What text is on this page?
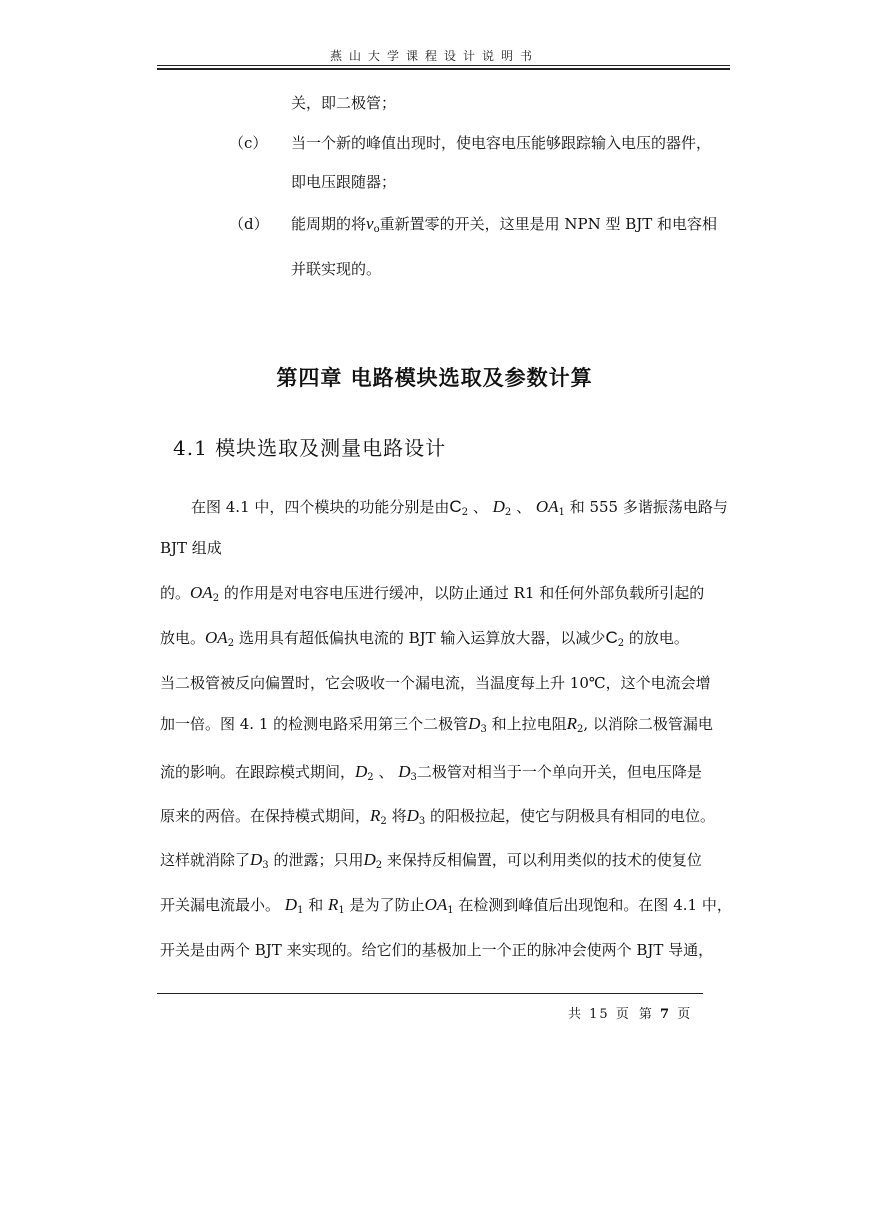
燕山大学课程设计说明书
关，即二极管；
（c） 当一个新的峰值出现时，使电容电压能够跟踪输入电压的器件，
即电压跟随器；
（d） 能周期的将$v_o$重新置零的开关，这里是用 NPN 型 BJT 和电容相
并联实现的。
第四章 电路模块选取及参数计算
4.1 模块选取及测量电路设计
在图 4.1 中，四个模块的功能分别是由$C_2$ 、 $D_2$ 、 $OA_1$ 和 555 多谐振荡电路与
BJT 组成
的。$OA_2$ 的作用是对电容电压进行缓冲，以防止通过 R1 和任何外部负载所引起的
放电。$OA_2$ 选用具有超低偏执电流的 BJT 输入运算放大器，以减少$C_2$ 的放电。
当二极管被反向偏置时，它会吸收一个漏电流，当温度每上升 10℃，这个电流会增
加一倍。图 4. 1 的检测电路采用第三个二极管$D_3$ 和上拉电阻$R_2$, 以消除二极管漏电
流的影响。在跟踪模式期间，$D_2$ 、 $D_3$二极管对相当于一个单向开关，但电压降是
原来的两倍。在保持模式期间，$R_2$ 将$D_3$ 的阳极拉起，使它与阴极具有相同的电位。
这样就消除了$D_3$ 的泄露；只用$D_2$ 来保持反相偏置，可以利用类似的技术的使复位
开关漏电流最小。 $D_1$ 和 $R_1$ 是为了防止$OA_1$ 在检测到峰值后出现饱和。在图 4.1 中，
开关是由两个 BJT 来实现的。给它们的基极加上一个正的脉冲会使两个 BJT 导通，
共 15 页 第 7 页
